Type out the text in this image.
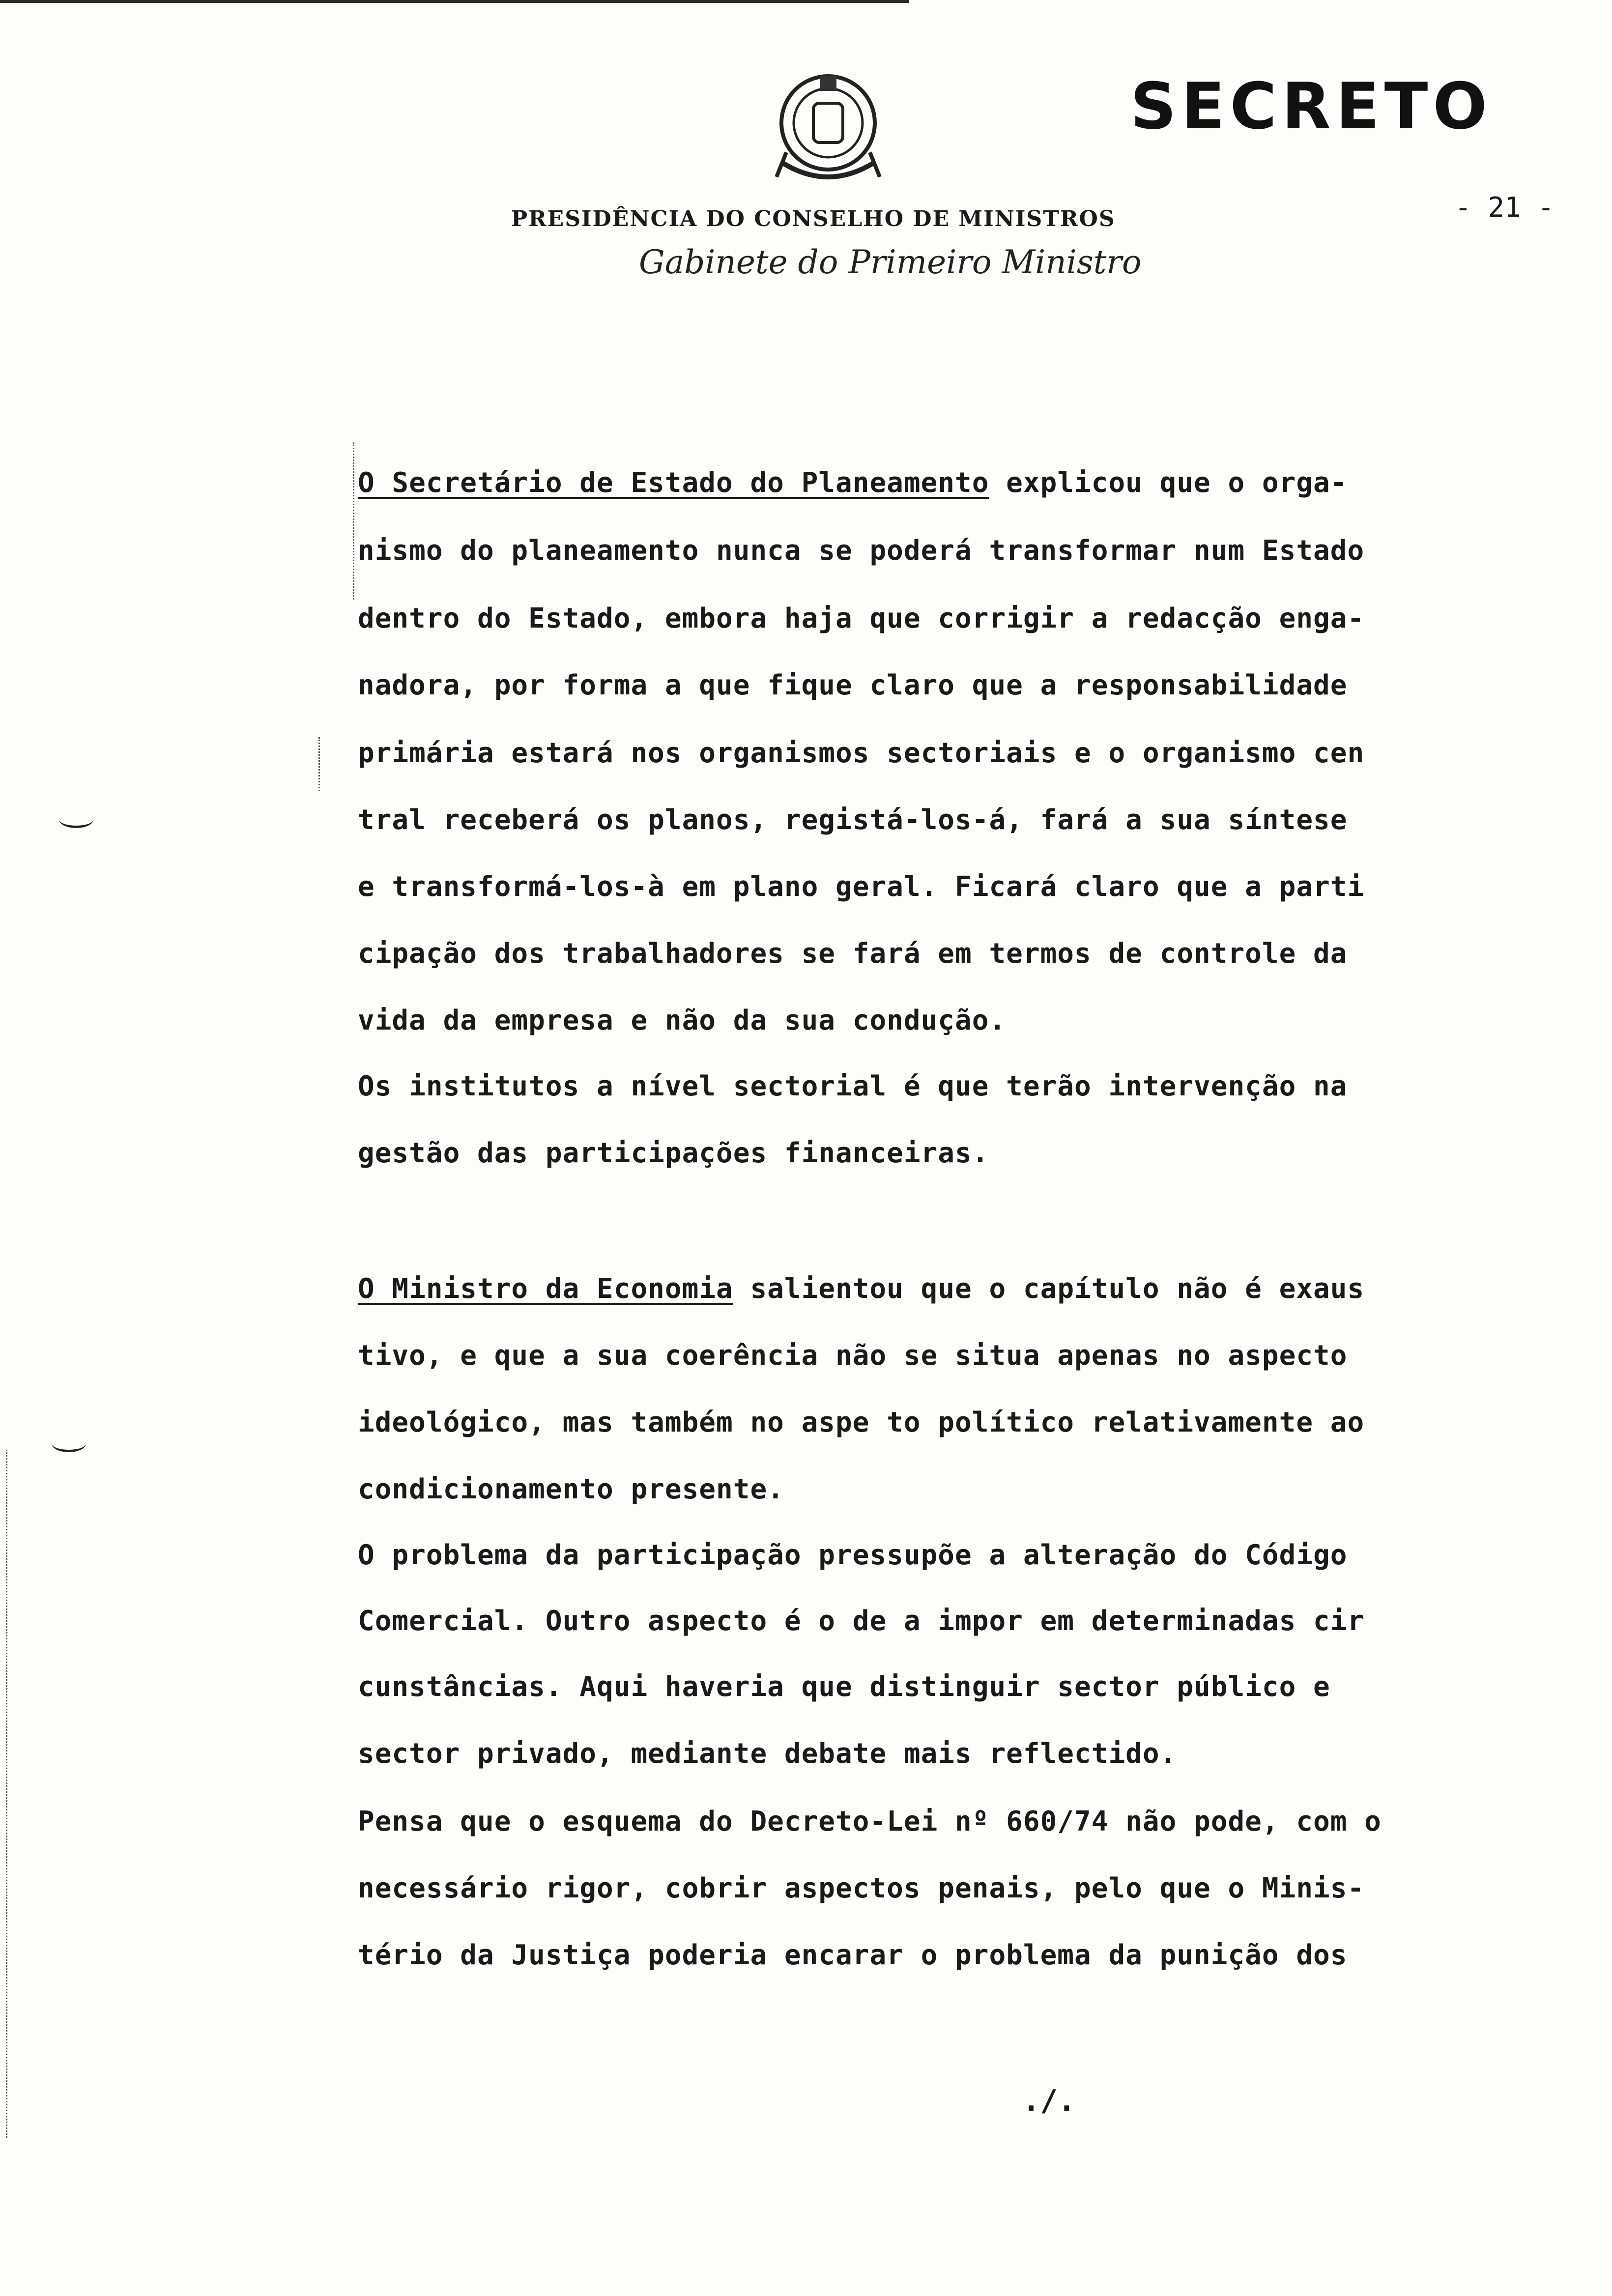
SECRETO
- 21 -
PRESIDÊNCIA DO CONSELHO DE MINISTROS
Gabinete do Primeiro Ministro
O Secretário de Estado do Planeamento explicou que o orga-
nismo do planeamento nunca se poderá transformar num Estado
dentro do Estado, embora haja que corrigir a redacção enga-
nadora, por forma a que fique claro que a responsabilidade
primária estará nos organismos sectoriais e o organismo cen
tral receberá os planos, registá-los-á, fará a sua síntese
e transformá-los-à em plano geral. Ficará claro que a parti
cipação dos trabalhadores se fará em termos de controle da
vida da empresa e não da sua condução.
Os institutos a nível sectorial é que terão intervenção na
gestão das participações financeiras.
O Ministro da Economia salientou que o capítulo não é exaus
tivo, e que a sua coerência não se situa apenas no aspecto
ideológico, mas também no aspe to político relativamente ao
condicionamento presente.
O problema da participação pressupõe a alteração do Código
Comercial. Outro aspecto é o de a impor em determinadas cir
cunstâncias. Aqui haveria que distinguir sector público e
sector privado, mediante debate mais reflectido.
Pensa que o esquema do Decreto-Lei nº 660/74 não pode, com o
necessário rigor, cobrir aspectos penais, pelo que o Minis-
tério da Justiça poderia encarar o problema da punição dos
./.
